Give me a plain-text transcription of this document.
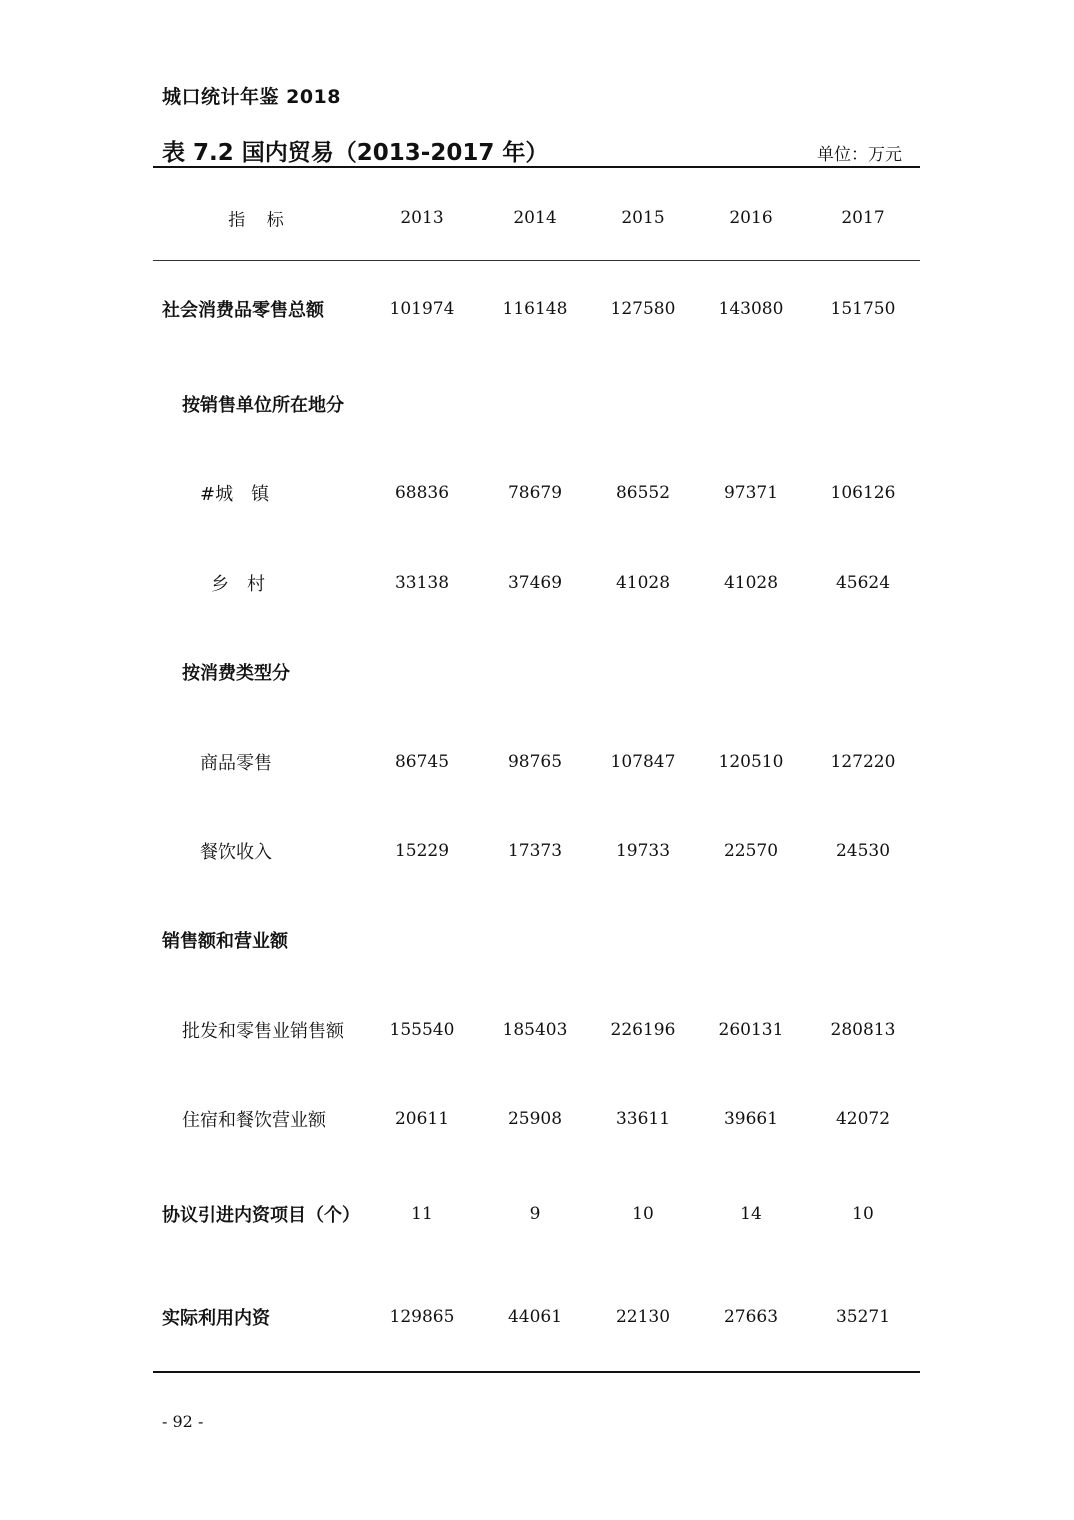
城口统计年鉴 2018
表 7.2 国内贸易（2013-2017 年）	单位：万元
指 标	2013	2014	2015	2016	2017
社会消费品零售总额	101974	116148	127580	143080	151750
按销售单位所在地分
#城　镇	68836	78679	86552	97371	106126
乡　村	33138	37469	41028	41028	45624
按消费类型分
商品零售	86745	98765	107847	120510	127220
餐饮收入	15229	17373	19733	22570	24530
销售额和营业额
批发和零售业销售额	155540	185403	226196	260131	280813
住宿和餐饮营业额	20611	25908	33611	39661	42072
协议引进内资项目（个）	11	9	10	14	10
实际利用内资	129865	44061	22130	27663	35271
- 92 -
